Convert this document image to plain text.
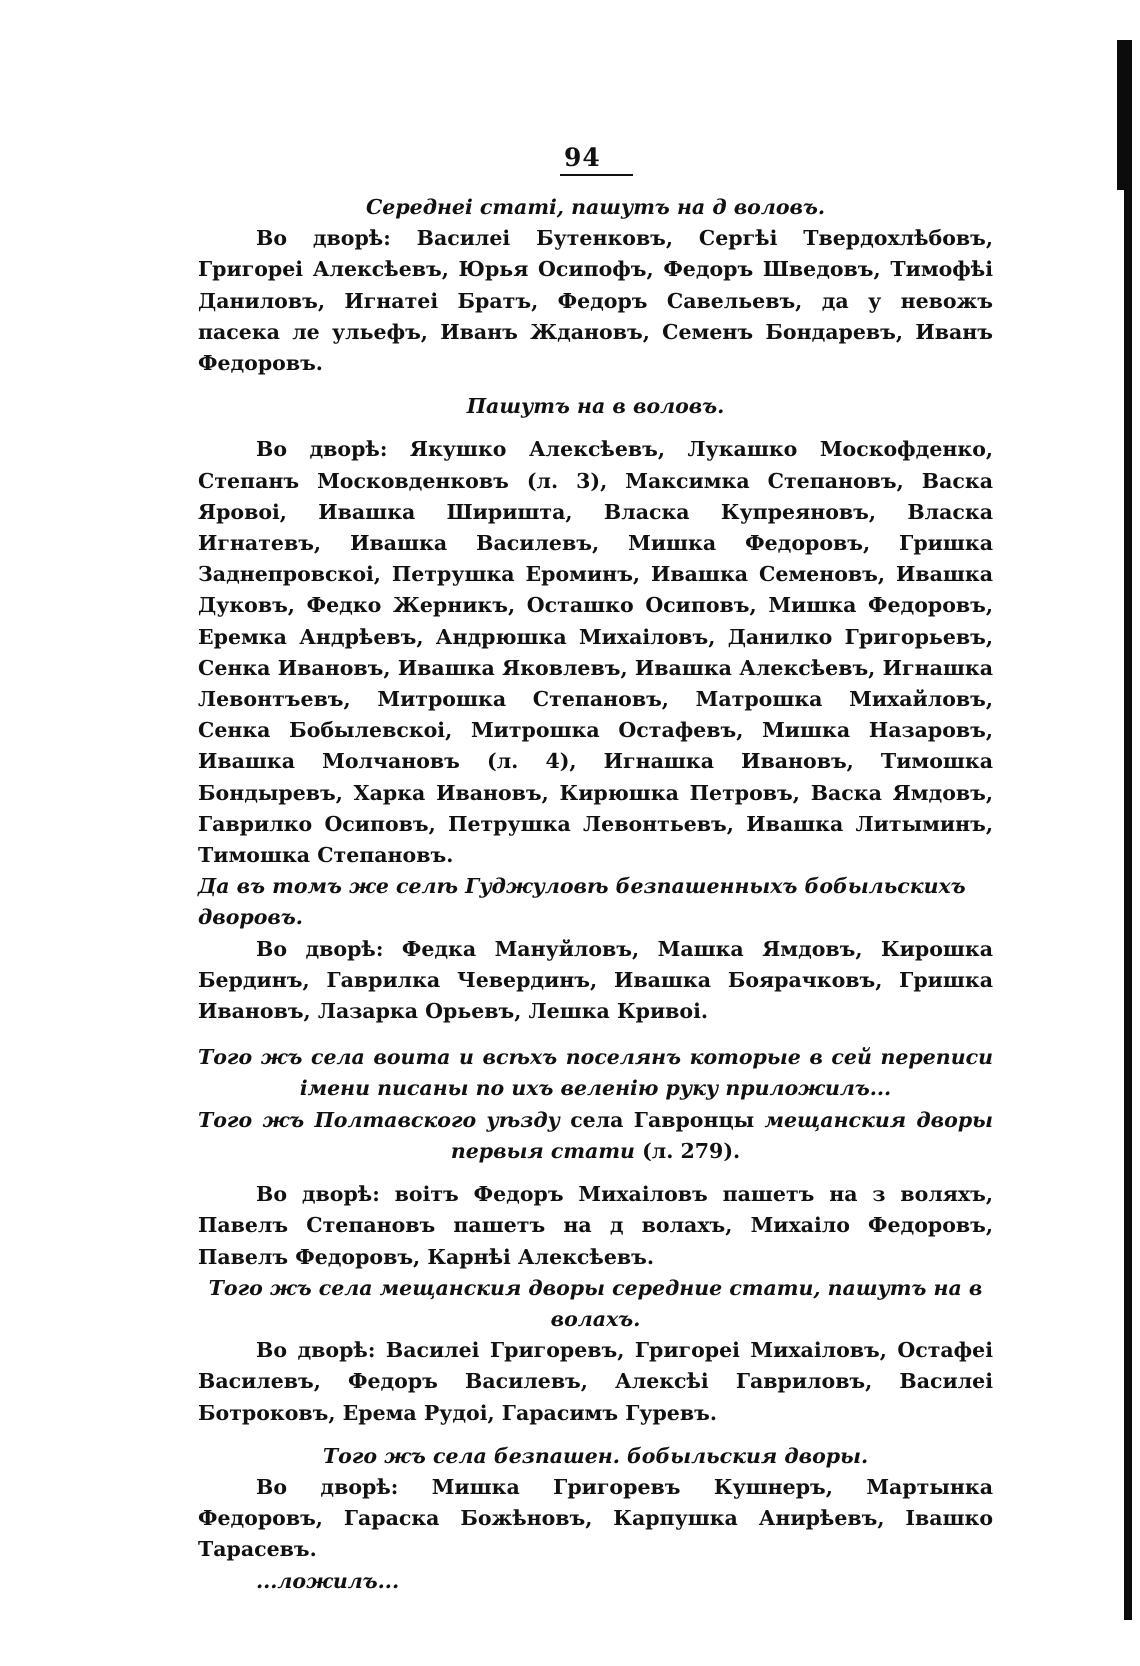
94

Середнеі статі, пашутъ на д воловъ.

Во дворѣ: Василеі Бутенковъ, Сергѣі Твердохлѣбовъ, Григореі Алексѣевъ, Юрья Осипофъ, Федоръ Шведовъ, Тимофѣі Даниловъ, Игнатеі Братъ, Федоръ Савельевъ, да у невожъ пасека ле ульефъ, Иванъ Ждановъ, Семенъ Бондаревъ, Иванъ Федоровъ.

Пашутъ на в воловъ.

Во дворѣ: Якушко Алексѣевъ, Лукашко Москофденко, Степанъ Московденковъ (л. 3), Максимка Степановъ, Васка Яровоі, Ивашка Ширишта, Власка Купреяновъ, Власка Игнатевъ, Ивашка Василевъ, Мишка Федоровъ, Гришка Заднепровскоі, Петрушка Ероминъ, Ивашка Семеновъ, Ивашка Дуковъ, Федко Жерникъ, Осташко Осиповъ, Мишка Федоровъ, Еремка Андрѣевъ, Андрюшка Михаіловъ, Данилко Григорьевъ, Сенка Ивановъ, Ивашка Яковлевъ, Ивашка Алексѣевъ, Игнашка Левонтъевъ, Митрошка Степановъ, Матрошка Михайловъ, Сенка Бобылевскоі, Митрошка Остафевъ, Мишка Назаровъ, Ивашка Молчановъ (л. 4), Игнашка Ивановъ, Тимошка Бондыревъ, Харка Ивановъ, Кирюшка Петровъ, Васка Ямдовъ, Гаврилко Осиповъ, Петрушка Левонтьевъ, Ивашка Литыминъ, Тимошка Степановъ.

Да въ томъ же селѣ Гуджуловѣ безпашенныхъ бобыльскихъ дворовъ.

Во дворѣ: Федка Мануйловъ, Машка Ямдовъ, Кирошка Бердинъ, Гаврилка Чевердинъ, Ивашка Боярачковъ, Гришка Ивановъ, Лазарка Орьевъ, Лешка Кривоі.

Того жъ села воита и всѣхъ поселянъ которые в сей переписи імени писаны по ихъ веленію руку приложилъ...

Того жъ Полтавского уѣзду села Гавронцы мещанския дворы первыя стати (л. 279).

Во дворѣ: воітъ Федоръ Михаіловъ пашетъ на з воляхъ, Павелъ Степановъ пашетъ на д волахъ, Михаіло Федоровъ, Павелъ Федоровъ, Карнѣі Алексѣевъ.

Того жъ села мещанския дворы середние стати, пашутъ на в волахъ.

Во дворѣ: Василеі Григоревъ, Григореі Михаіловъ, Остафеі Василевъ, Федоръ Василевъ, Алексѣі Гавриловъ, Василеі Ботроковъ, Ерема Рудоі, Гарасимъ Гуревъ.

Того жъ села безпашен. бобыльския дворы.

Во дворѣ: Мишка Григоревъ Кушнеръ, Мартынка Федоровъ, Гараска Божѣновъ, Карпушка Анирѣевъ, Івашко Тарасевъ.

...ложилъ...
